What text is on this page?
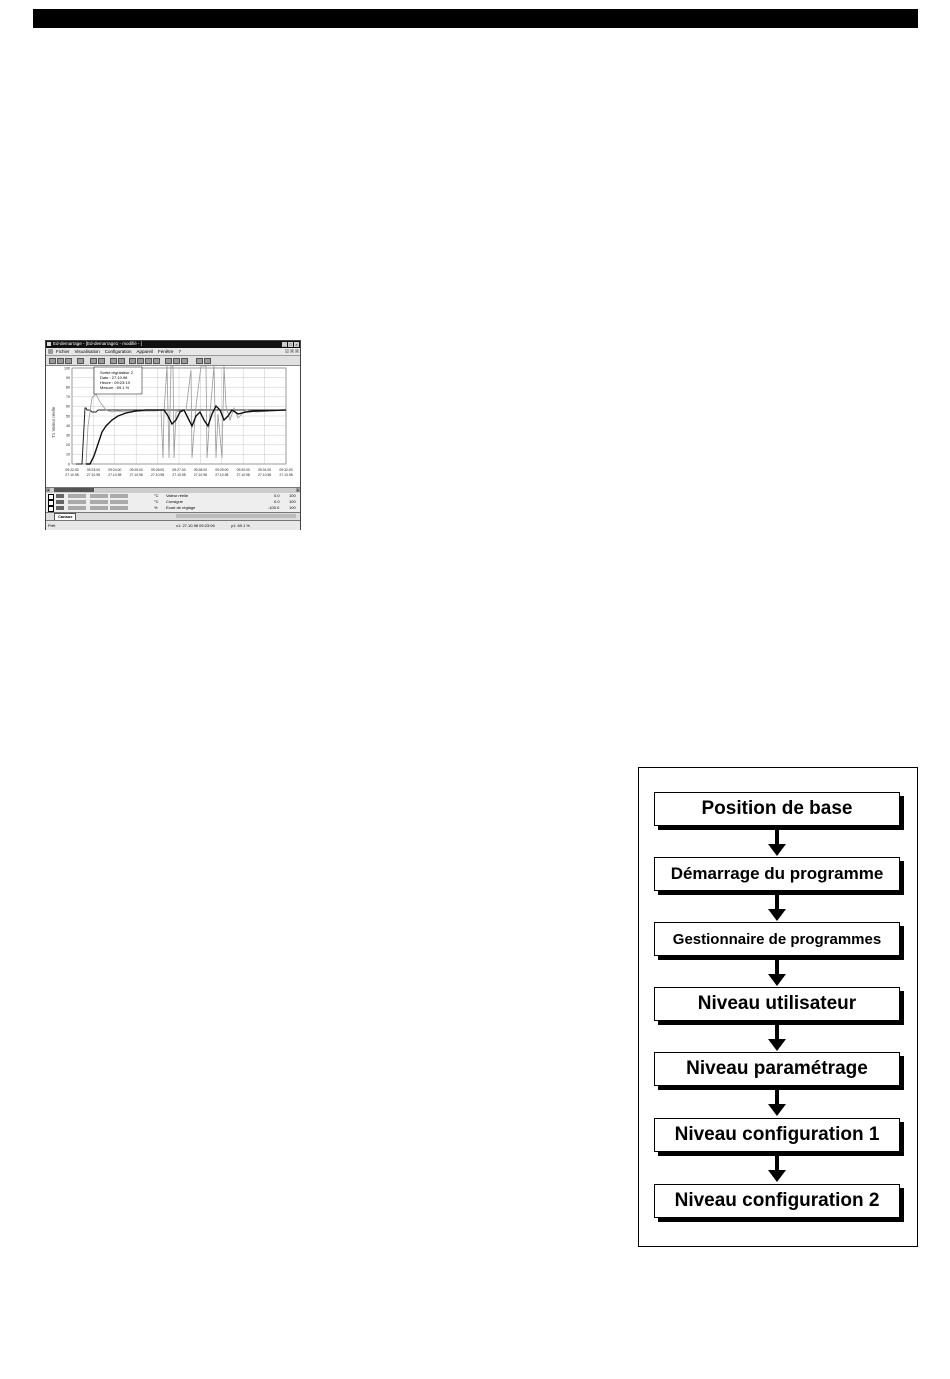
Ed-demarrage - [Ed-demarrage1 - modifié - ]	_ □ ×
Fichier Visualisation Configuration Appareil Fenêtre ?	_	□	×
T1 Valeur réelle
100
90
80
70
60
50
40
30
20
10
0
09:22:00
27.10.98
09:23:00
27.10.98
09:24:00
27.10.98
09:25:00
27.10.98
09:26:00
27.10.98
09:27:00
27.10.98
09:28:00
27.10.98
09:29:00
27.10.98
09:30:00
27.10.98
09:31:00
27.10.98
09:32:00
27.10.98
Sortie régulateur 2
Date : 27.10.98
Heure : 09:23:19
Mesure : 69.1 %
◂	▸
°C Valeur réelle	0.0 100
°C Consigne	0.0 100
% Ecart de réglage	-100.0 100
Canaux
Prêt	x1: 27.10.98 09:23:06	y1: 69.1 %
Position de base
Démarrage du programme
Gestionnaire de programmes
Niveau utilisateur
Niveau paramétrage
Niveau configuration 1
Niveau configuration 2
